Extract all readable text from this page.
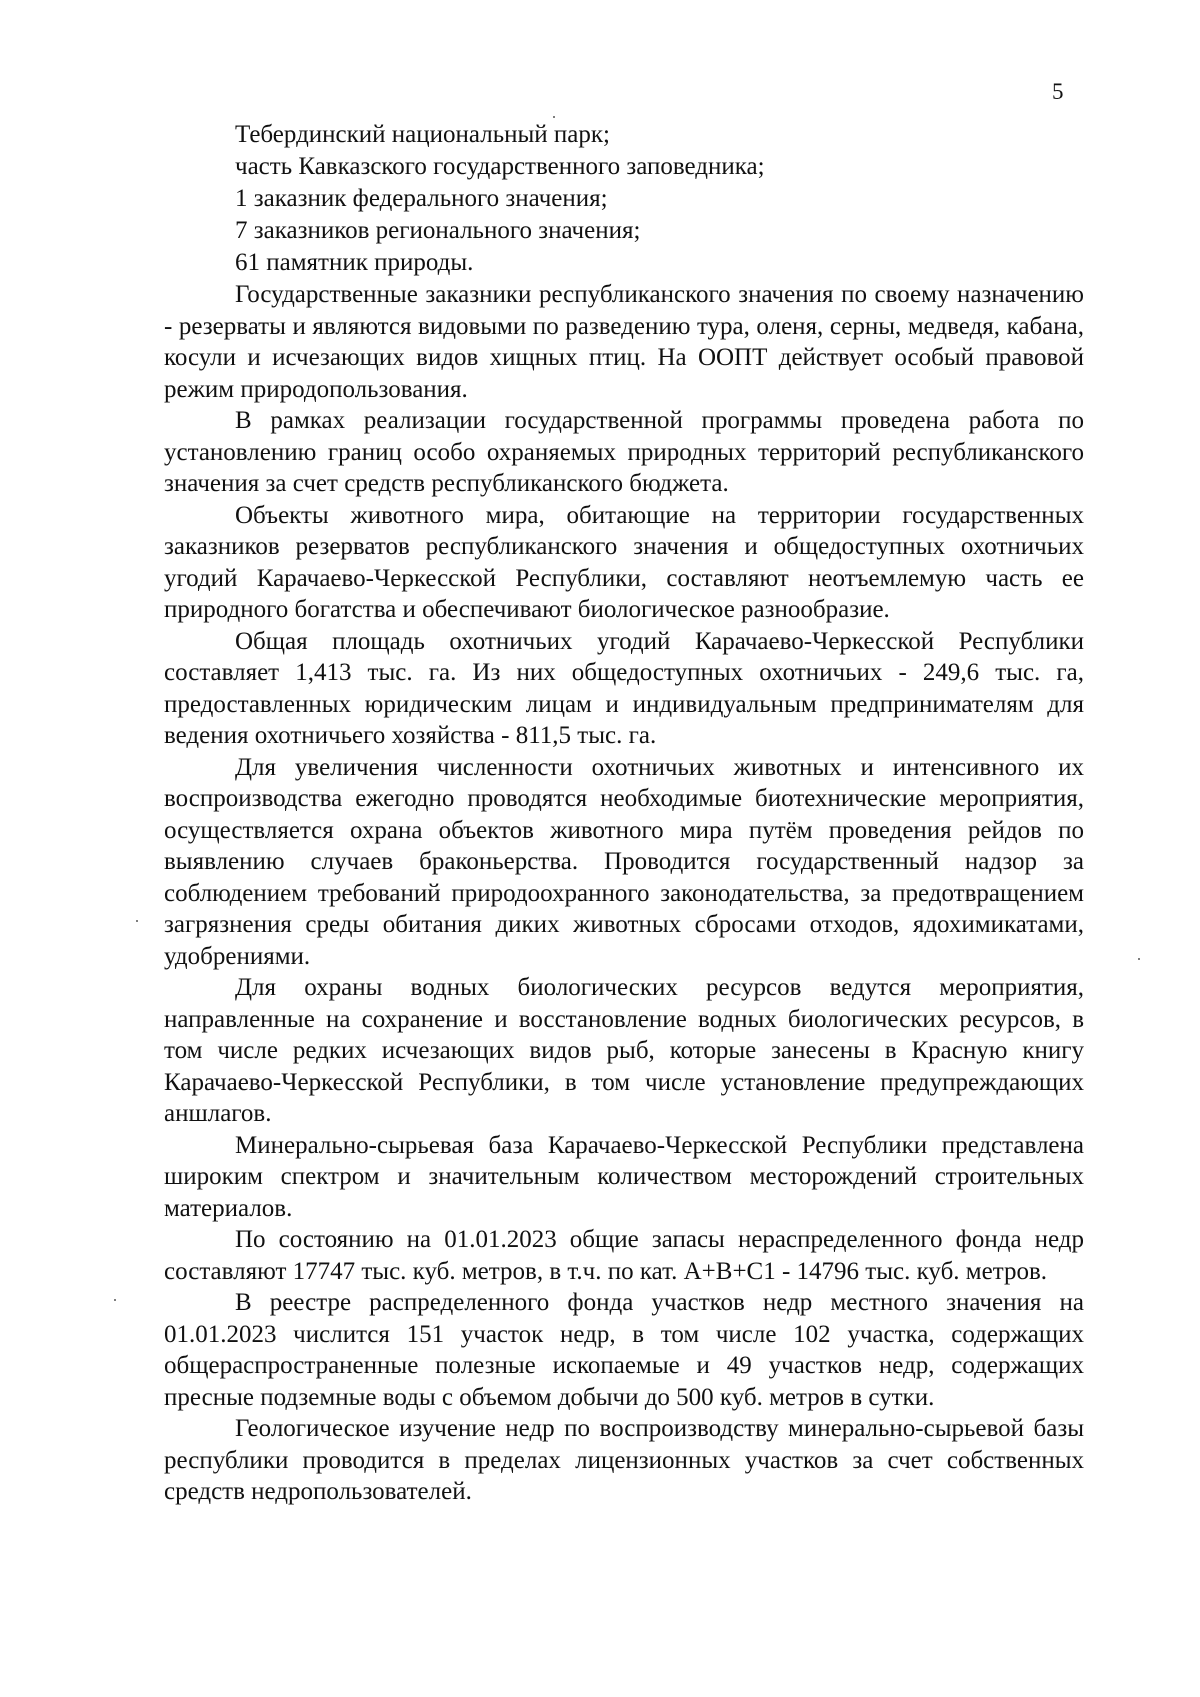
5
Тебердинский национальный парк;
часть Кавказского государственного заповедника;
1 заказник федерального значения;
7 заказников регионального значения;
61 памятник природы.

Государственные заказники республиканского значения по своему назначению - резерваты и являются видовыми по разведению тура, оленя, серны, медведя, кабана, косули и исчезающих видов хищных птиц. На ООПТ действует особый правовой режим природопользования.

В рамках реализации государственной программы проведена работа по установлению границ особо охраняемых природных территорий республиканского значения за счет средств республиканского бюджета.

Объекты животного мира, обитающие на территории государственных заказников резерватов республиканского значения и общедоступных охотничьих угодий Карачаево-Черкесской Республики, составляют неотъемлемую часть ее природного богатства и обеспечивают биологическое разнообразие.

Общая площадь охотничьих угодий Карачаево-Черкесской Республики составляет 1,413 тыс. га. Из них общедоступных охотничьих - 249,6 тыс. га, предоставленных юридическим лицам и индивидуальным предпринимателям для ведения охотничьего хозяйства - 811,5 тыс. га.

Для увеличения численности охотничьих животных и интенсивного их воспроизводства ежегодно проводятся необходимые биотехнические мероприятия, осуществляется охрана объектов животного мира путём проведения рейдов по выявлению случаев браконьерства. Проводится государственный надзор за соблюдением требований природоохранного законодательства, за предотвращением загрязнения среды обитания диких животных сбросами отходов, ядохимикатами, удобрениями.

Для охраны водных биологических ресурсов ведутся мероприятия, направленные на сохранение и восстановление водных биологических ресурсов, в том числе редких исчезающих видов рыб, которые занесены в Красную книгу Карачаево-Черкесской Республики, в том числе установление предупреждающих аншлагов.

Минерально-сырьевая база Карачаево-Черкесской Республики представлена широким спектром и значительным количеством месторождений строительных материалов.

По состоянию на 01.01.2023 общие запасы нераспределенного фонда недр составляют 17747 тыс. куб. метров, в т.ч. по кат. А+В+С1 - 14796 тыс. куб. метров.

В реестре распределенного фонда участков недр местного значения на 01.01.2023 числится 151 участок недр, в том числе 102 участка, содержащих общераспространенные полезные ископаемые и 49 участков недр, содержащих пресные подземные воды с объемом добычи до 500 куб. метров в сутки.

Геологическое изучение недр по воспроизводству минерально-сырьевой базы республики проводится в пределах лицензионных участков за счет собственных средств недропользователей.
